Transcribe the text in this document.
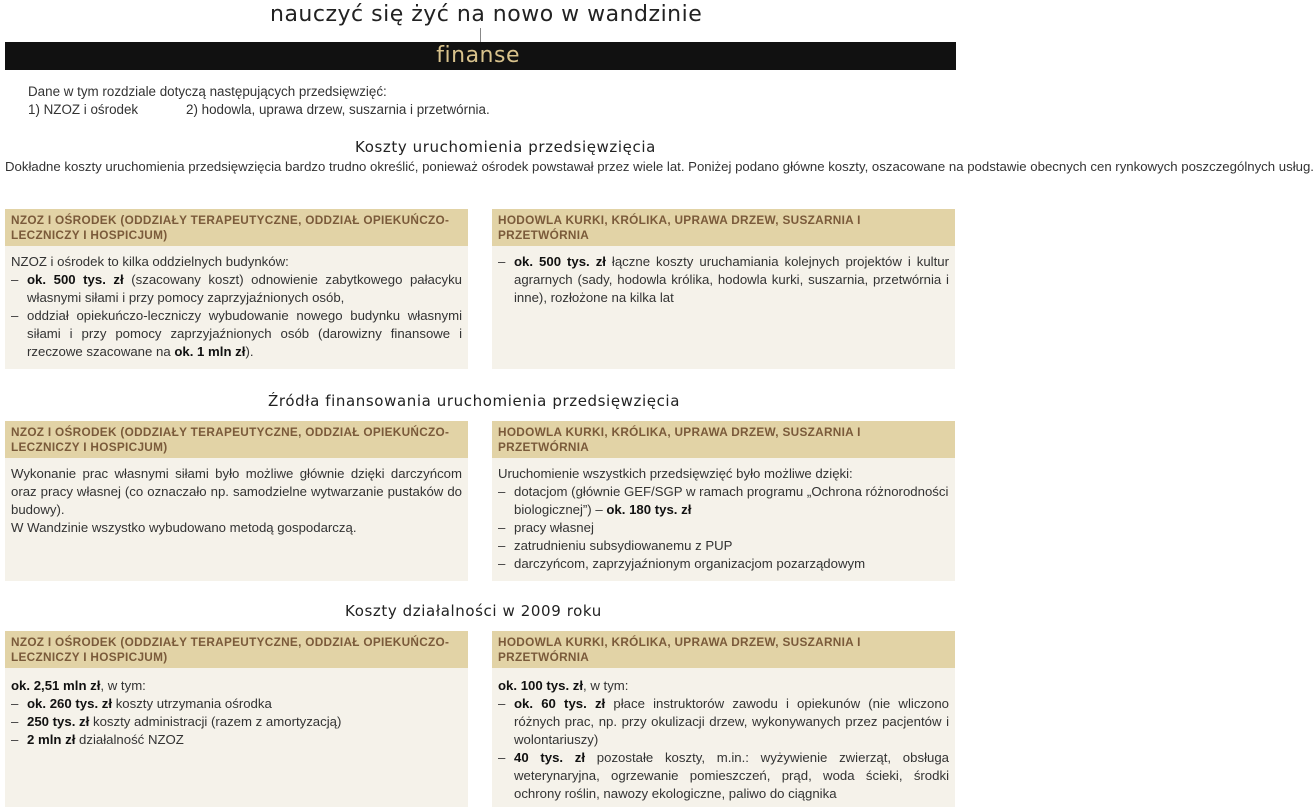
nauczyć się żyć na nowo w wandzinie
finanse
Dane w tym rozdziale dotyczą następujących przedsięwzięć:
1) NZOZ i ośrodek	2) hodowla, uprawa drzew, suszarnia i przetwórnia.
Koszty uruchomienia przedsięwzięcia
Dokładne koszty uruchomienia przedsięwzięcia bardzo trudno określić, ponieważ ośrodek powstawał przez wiele lat. Poniżej podano główne koszty, oszacowane na podstawie obecnych cen rynkowych poszczególnych usług.
NZOZ I OŚRODEK (ODDZIAŁY TERAPEUTYCZNE, ODDZIAŁ OPIEKUŃCZO-LECZNICZY I HOSPICJUM)
NZOZ i ośrodek to kilka oddzielnych budynków:
– ok. 500 tys. zł (szacowany koszt) odnowienie zabytkowego pałacyku własnymi siłami i przy pomocy zaprzyjaźnionych osób,
– oddział opiekuńczo-leczniczy wybudowanie nowego budynku własnymi siłami i przy pomocy zaprzyjaźnionych osób (darowizny finansowe i rzeczowe szacowane na ok. 1 mln zł).
HODOWLA KURKI, KRÓLIKA, UPRAWA DRZEW, SUSZARNIA I PRZETWÓRNIA
– ok. 500 tys. zł łączne koszty uruchamiania kolejnych projektów i kultur agrarnych (sady, hodowla królika, hodowla kurki, suszarnia, przetwórnia i inne), rozłożone na kilka lat
Źródła finansowania uruchomienia przedsięwzięcia
NZOZ I OŚRODEK (ODDZIAŁY TERAPEUTYCZNE, ODDZIAŁ OPIEKUŃCZO-LECZNICZY I HOSPICJUM)
Wykonanie prac własnymi siłami było możliwe głównie dzięki darczyńcom oraz pracy własnej (co oznaczało np. samodzielne wytwarzanie pustaków do budowy).
W Wandzinie wszystko wybudowano metodą gospodarczą.
HODOWLA KURKI, KRÓLIKA, UPRAWA DRZEW, SUSZARNIA I PRZETWÓRNIA
Uruchomienie wszystkich przedsięwzięć było możliwe dzięki:
– dotacjom (głównie GEF/SGP w ramach programu „Ochrona różnorodności biologicznej”) – ok. 180 tys. zł
– pracy własnej
– zatrudnieniu subsydiowanemu z PUP
– darczyńcom, zaprzyjaźnionym organizacjom pozarządowym
Koszty działalności w 2009 roku
NZOZ I OŚRODEK (ODDZIAŁY TERAPEUTYCZNE, ODDZIAŁ OPIEKUŃCZO-LECZNICZY I HOSPICJUM)
ok. 2,51 mln zł, w tym:
– ok. 260 tys. zł koszty utrzymania ośrodka
– 250 tys. zł koszty administracji (razem z amortyzacją)
– 2 mln zł działalność NZOZ
HODOWLA KURKI, KRÓLIKA, UPRAWA DRZEW, SUSZARNIA I PRZETWÓRNIA
ok. 100 tys. zł, w tym:
– ok. 60 tys. zł płace instruktorów zawodu i opiekunów (nie wliczono różnych prac, np. przy okulizacji drzew, wykonywanych przez pacjentów i wolontariuszy)
– 40 tys. zł pozostałe koszty, m.in.: wyżywienie zwierząt, obsługa weterynaryjna, ogrzewanie pomieszczeń, prąd, woda ścieki, środki ochrony roślin, nawozy ekologiczne, paliwo do ciągnika
